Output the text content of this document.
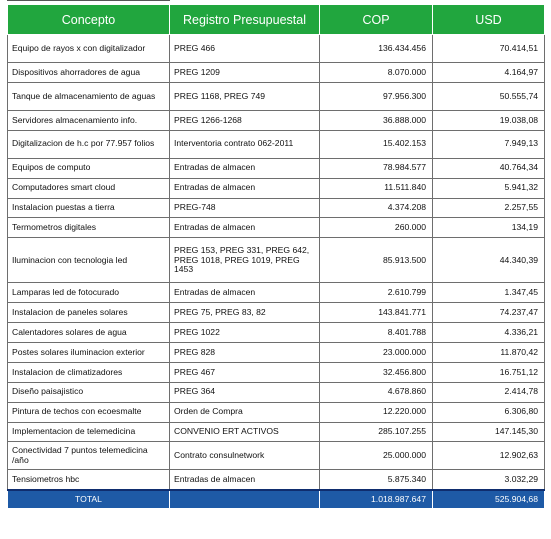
Concepto	Registro Presupuestal	COP	USD
Equipo de rayos x con digitalizador	PREG 466	136.434.456	70.414,51
Dispositivos ahorradores de agua	PREG 1209	8.070.000	4.164,97
Tanque de almacenamiento de aguas	PREG 1168, PREG 749	97.956.300	50.555,74
Servidores almacenamiento info.	PREG 1266-1268	36.888.000	19.038,08
Digitalizacion de h.c por 77.957 folios	Interventoria contrato 062-2011	15.402.153	7.949,13
Equipos de computo	Entradas de almacen	78.984.577	40.764,34
Computadores smart cloud	Entradas de almacen	11.511.840	5.941,32
Instalacion puestas a tierra	PREG-748	4.374.208	2.257,55
Termometros digitales	Entradas de almacen	260.000	134,19
Iluminacion con tecnologia led	PREG 153, PREG 331, PREG 642, PREG 1018, PREG 1019, PREG 1453	85.913.500	44.340,39
Lamparas led de fotocurado	Entradas de almacen	2.610.799	1.347,45
Instalacion de paneles solares	PREG 75, PREG 83, 82	143.841.771	74.237,47
Calentadores solares de agua	PREG 1022	8.401.788	4.336,21
Postes solares iluminacion exterior	PREG 828	23.000.000	11.870,42
Instalacion de climatizadores	PREG 467	32.456.800	16.751,12
Diseño paisajistico	PREG 364	4.678.860	2.414,78
Pintura de techos con ecoesmalte	Orden de Compra	12.220.000	6.306,80
Implementacion de telemedicina	CONVENIO ERT ACTIVOS	285.107.255	147.145,30
Conectividad 7 puntos telemedicina /año	Contrato consulnetwork	25.000.000	12.902,63
Tensiometros hbc	Entradas de almacen	5.875.340	3.032,29
TOTAL		1.018.987.647	525.904,68
